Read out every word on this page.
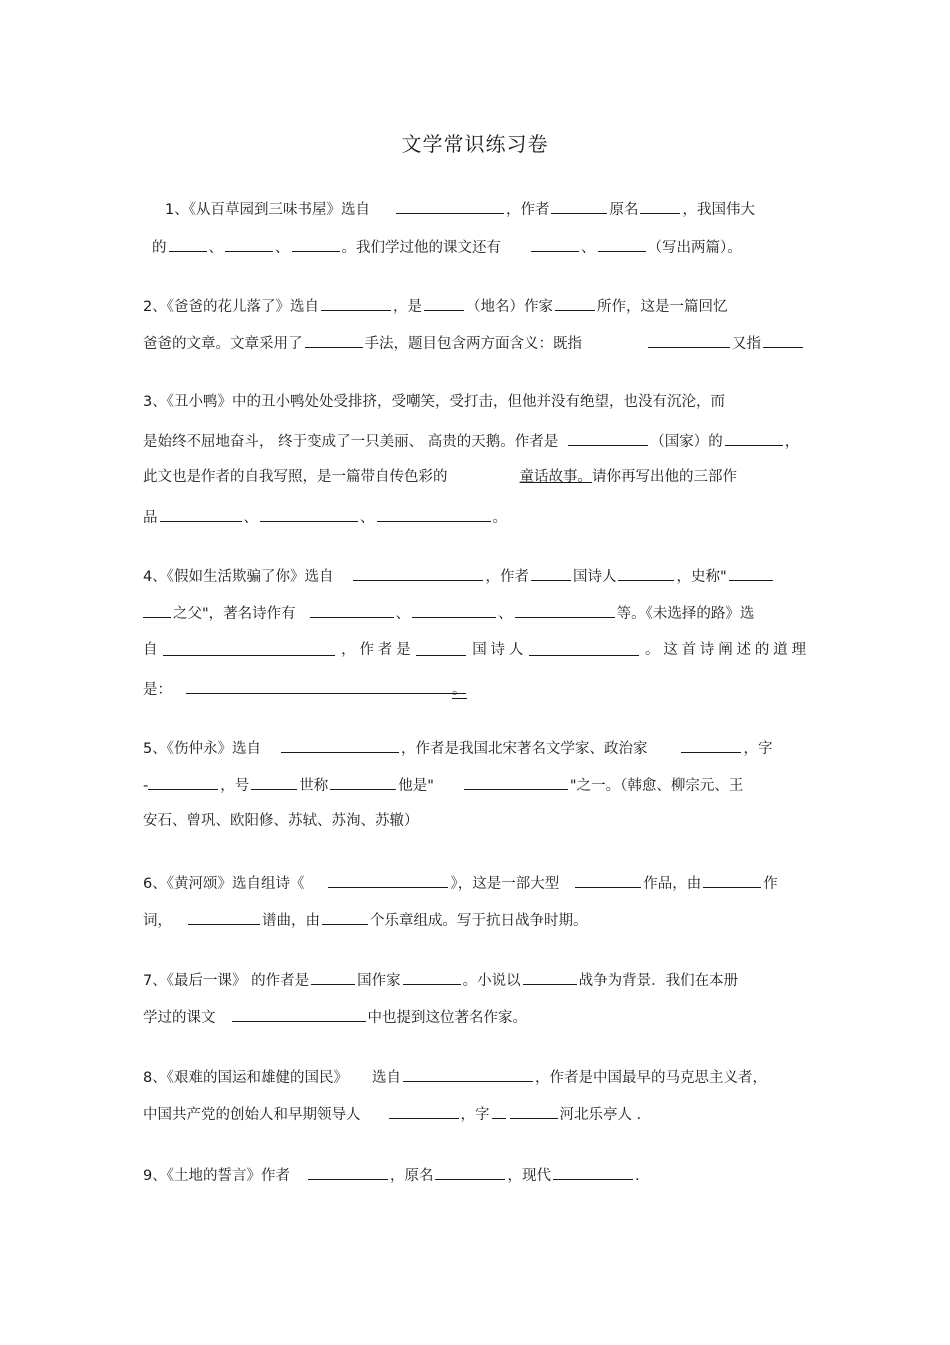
文学常识练习卷
1、《从百草园到三味书屋》选自	，作者	原名	，我国伟大
的	、	、	。我们学过他的课文还有	、	（写出两篇）。
2、《爸爸的花儿落了》选自	，是	（地名）作家	所作，这是一篇回忆
爸爸的文章。文章采用了	手法，题目包含两方面含义：既指	又指
3、《丑小鸭》中的丑小鸭处处受排挤，受嘲笑，受打击，但他并没有绝望，也没有沉沦，而
是始终不屈地奋斗， 终于变成了一只美丽、 高贵的天鹅。作者是	（国家）的	，
此文也是作者的自我写照，是一篇带自传色彩的	童话故事。请你再写出他的三部作
品	、	、	。
4、《假如生活欺骗了你》选自	，作者	国诗人	，史称"
之父"，著名诗作有	、	、	等。《未选择的路》选
自	， 作 者 是	国 诗 人	。 这 首 诗 阐 述 的 道 理
是：	。
5、《伤仲永》选自	，作者是我国北宋著名文学家、政治家	，字
-	，号	世称	他是"	"之一。（韩愈、柳宗元、王
安石、曾巩、欧阳修、苏轼、苏洵、苏辙）
6、《黄河颂》选自组诗《	》，这是一部大型	作品，由	作
词，	谱曲，由	个乐章组成。写于抗日战争时期。
7、《最后一课》 的作者是	国作家	。小说以	战争为背景．我们在本册
学过的课文	中也提到这位著名作家。
8、《艰难的国运和雄健的国民》 选自	，作者是中国最早的马克思主义者，
中国共产党的创始人和早期领导人	，字	河北乐亭人 ．
9、《土地的誓言》作者	，原名	，现代	.
